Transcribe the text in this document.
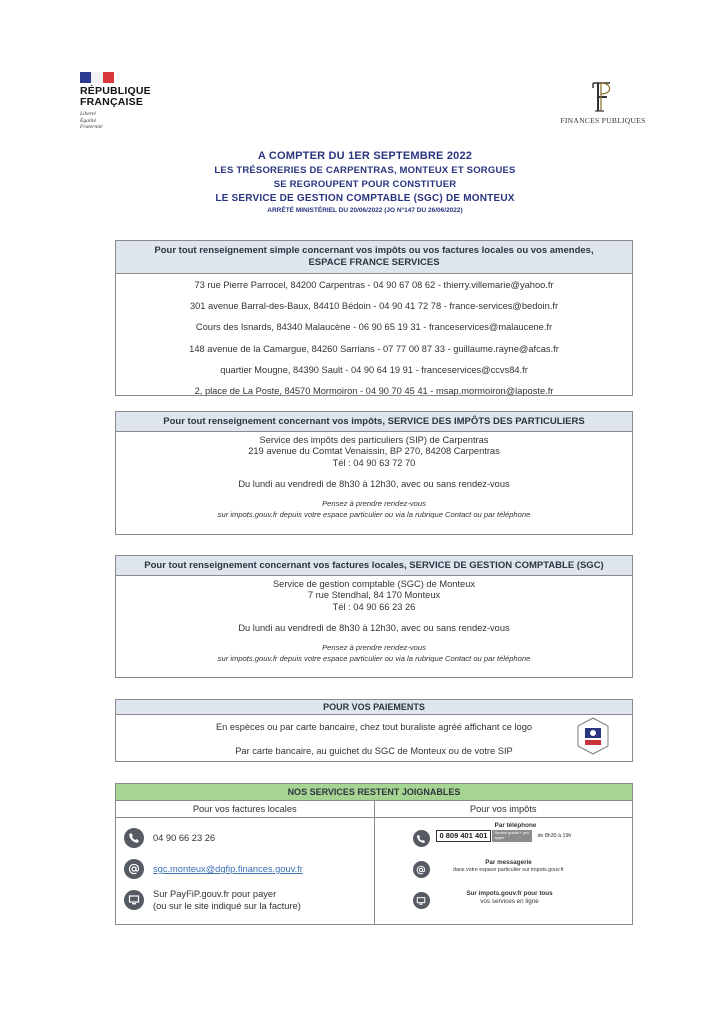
RÉPUBLIQUE
FRANÇAISE
Liberté
Égalité
Fraternité
FINANCES PUBLIQUES
A COMPTER DU 1ER SEPTEMBRE 2022
LES TRÉSORERIES DE CARPENTRAS, MONTEUX ET SORGUES
SE REGROUPENT POUR CONSTITUER
LE SERVICE DE GESTION COMPTABLE (SGC) DE MONTEUX
ARRÊTÉ MINISTÉRIEL DU 20/06/2022 (JO N°147 DU 26/06/2022)
Pour tout renseignement simple concernant vos impôts ou vos factures locales ou vos amendes,
ESPACE FRANCE SERVICES
73 rue Pierre Parrocel, 84200 Carpentras - 04 90 67 08 62 - thierry.villemarie@yahoo.fr
301 avenue Barral-des-Baux, 84410 Bédoin - 04 90 41 72 78 - france-services@bedoin.fr
Cours des Isnards, 84340 Malaucène - 06 90 65 19 31 - franceservices@malaucene.fr
148 avenue de la Camargue, 84260 Sarrians - 07 77 00 87 33 - guillaume.rayne@afcas.fr
quartier Mougne, 84390 Sault - 04 90 64 19 91 - franceservices@ccvs84.fr
2, place de La Poste, 84570 Mormoiron - 04 90 70 45 41 - msap.mormoiron@laposte.fr
Pour tout renseignement concernant vos impôts, SERVICE DES IMPÔTS DES PARTICULIERS
Service des impôts des particuliers (SIP) de Carpentras
219 avenue du Comtat Venaissin, BP 270, 84208 Carpentras
Tél : 04 90 63 72 70
Du lundi au vendredi de 8h30 à 12h30, avec ou sans rendez-vous
Pensez à prendre rendez-vous
sur impots.gouv.fr depuis votre espace particulier ou via la rubrique Contact ou par téléphone
Pour tout renseignement concernant vos factures locales, SERVICE DE GESTION COMPTABLE (SGC)
Service de gestion comptable (SGC) de Monteux
7 rue Stendhal, 84 170 Monteux
Tél : 04 90 66 23 26
Du lundi au vendredi de 8h30 à 12h30, avec ou sans rendez-vous
Pensez à prendre rendez-vous
sur impots.gouv.fr depuis votre espace particulier ou via la rubrique Contact ou par téléphone
POUR VOS PAIEMENTS
En espèces ou par carte bancaire, chez tout buraliste agréé affichant ce logo
Par carte bancaire, au guichet du SGC de Monteux ou de votre SIP
NOS SERVICES RESTENT JOIGNABLES
Pour vos factures locales
04 90 66 23 26
sgc.monteux@dgfip.finances.gouv.fr
Sur PayFiP.gouv.fr pour payer
(ou sur le site indiqué sur la facture)
Pour vos impôts
Par téléphone
0 809 401 401	Service gratuit + prix appel	de 8h30 à 19h
Par messagerie
dans votre espace particulier sur impots.gouv.fr
Sur impots.gouv.fr pour tous
vos services en ligne
